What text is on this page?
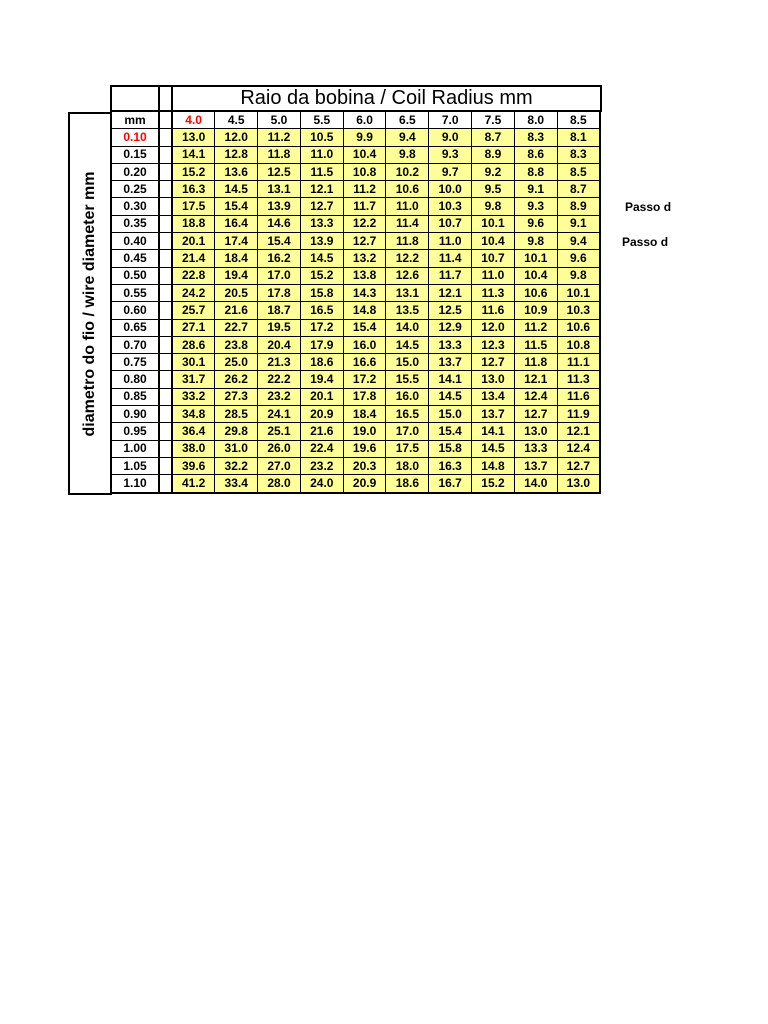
Raio da bobina / Coil Radius mm
diametro do fio / wire diameter mm
mm		4.0	4.5	5.0	5.5	6.0	6.5	7.0	7.5	8.0	8.5
0.10		13.0	12.0	11.2	10.5	9.9	9.4	9.0	8.7	8.3	8.1
0.15		14.1	12.8	11.8	11.0	10.4	9.8	9.3	8.9	8.6	8.3
0.20		15.2	13.6	12.5	11.5	10.8	10.2	9.7	9.2	8.8	8.5
0.25		16.3	14.5	13.1	12.1	11.2	10.6	10.0	9.5	9.1	8.7
0.30		17.5	15.4	13.9	12.7	11.7	11.0	10.3	9.8	9.3	8.9
0.35		18.8	16.4	14.6	13.3	12.2	11.4	10.7	10.1	9.6	9.1
0.40		20.1	17.4	15.4	13.9	12.7	11.8	11.0	10.4	9.8	9.4
0.45		21.4	18.4	16.2	14.5	13.2	12.2	11.4	10.7	10.1	9.6
0.50		22.8	19.4	17.0	15.2	13.8	12.6	11.7	11.0	10.4	9.8
0.55		24.2	20.5	17.8	15.8	14.3	13.1	12.1	11.3	10.6	10.1
0.60		25.7	21.6	18.7	16.5	14.8	13.5	12.5	11.6	10.9	10.3
0.65		27.1	22.7	19.5	17.2	15.4	14.0	12.9	12.0	11.2	10.6
0.70		28.6	23.8	20.4	17.9	16.0	14.5	13.3	12.3	11.5	10.8
0.75		30.1	25.0	21.3	18.6	16.6	15.0	13.7	12.7	11.8	11.1
0.80		31.7	26.2	22.2	19.4	17.2	15.5	14.1	13.0	12.1	11.3
0.85		33.2	27.3	23.2	20.1	17.8	16.0	14.5	13.4	12.4	11.6
0.90		34.8	28.5	24.1	20.9	18.4	16.5	15.0	13.7	12.7	11.9
0.95		36.4	29.8	25.1	21.6	19.0	17.0	15.4	14.1	13.0	12.1
1.00		38.0	31.0	26.0	22.4	19.6	17.5	15.8	14.5	13.3	12.4
1.05		39.6	32.2	27.0	23.2	20.3	18.0	16.3	14.8	13.7	12.7
1.10		41.2	33.4	28.0	24.0	20.9	18.6	16.7	15.2	14.0	13.0
Passo d
Passo d
